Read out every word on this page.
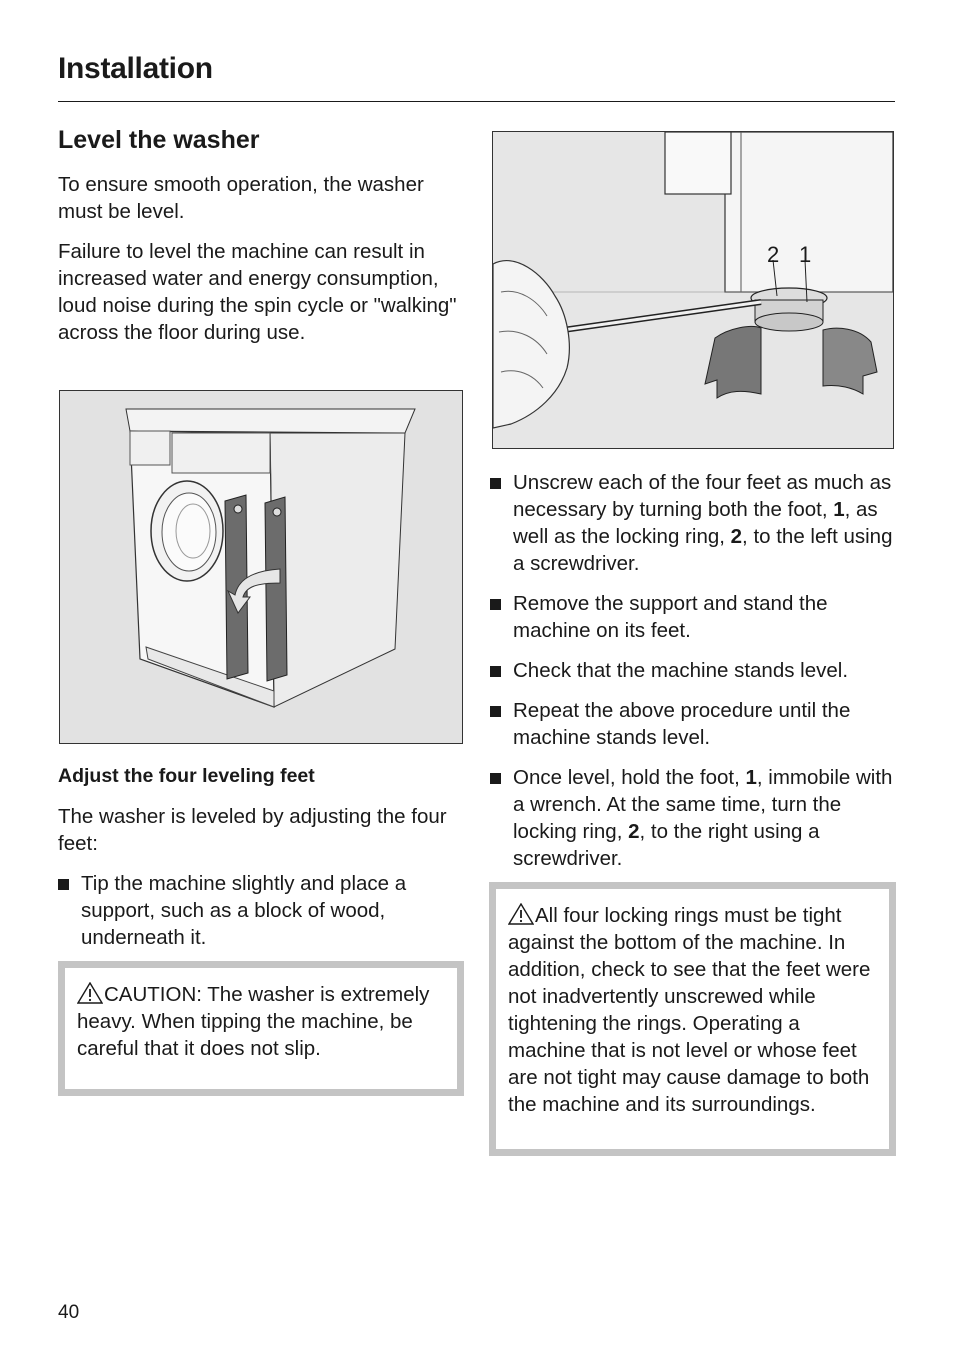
Installation
Level the washer
To ensure smooth operation, the washer must be level.
Failure to level the machine can result in increased water and energy consumption, loud noise during the spin cycle or "walking" across the floor during use.
Adjust the four leveling feet
The washer is leveled by adjusting the four feet:
Tip the machine slightly and place a support, such as a block of wood, underneath it.
CAUTION: The washer is extremely heavy. When tipping the machine, be careful that it does not slip.
2 1
Unscrew each of the four feet as much as necessary by turning both the foot, 1, as well as the locking ring, 2, to the left using a screwdriver.
Remove the support and stand the machine on its feet.
Check that the machine stands level.
Repeat the above procedure until the machine stands level.
Once level, hold the foot, 1, immobile with a wrench. At the same time, turn the locking ring, 2, to the right using a screwdriver.
All four locking rings must be tight against the bottom of the machine. In addition, check to see that the feet were not inadvertently unscrewed while tightening the rings. Operating a machine that is not level or whose feet are not tight may cause damage to both the machine and its surroundings.
40
